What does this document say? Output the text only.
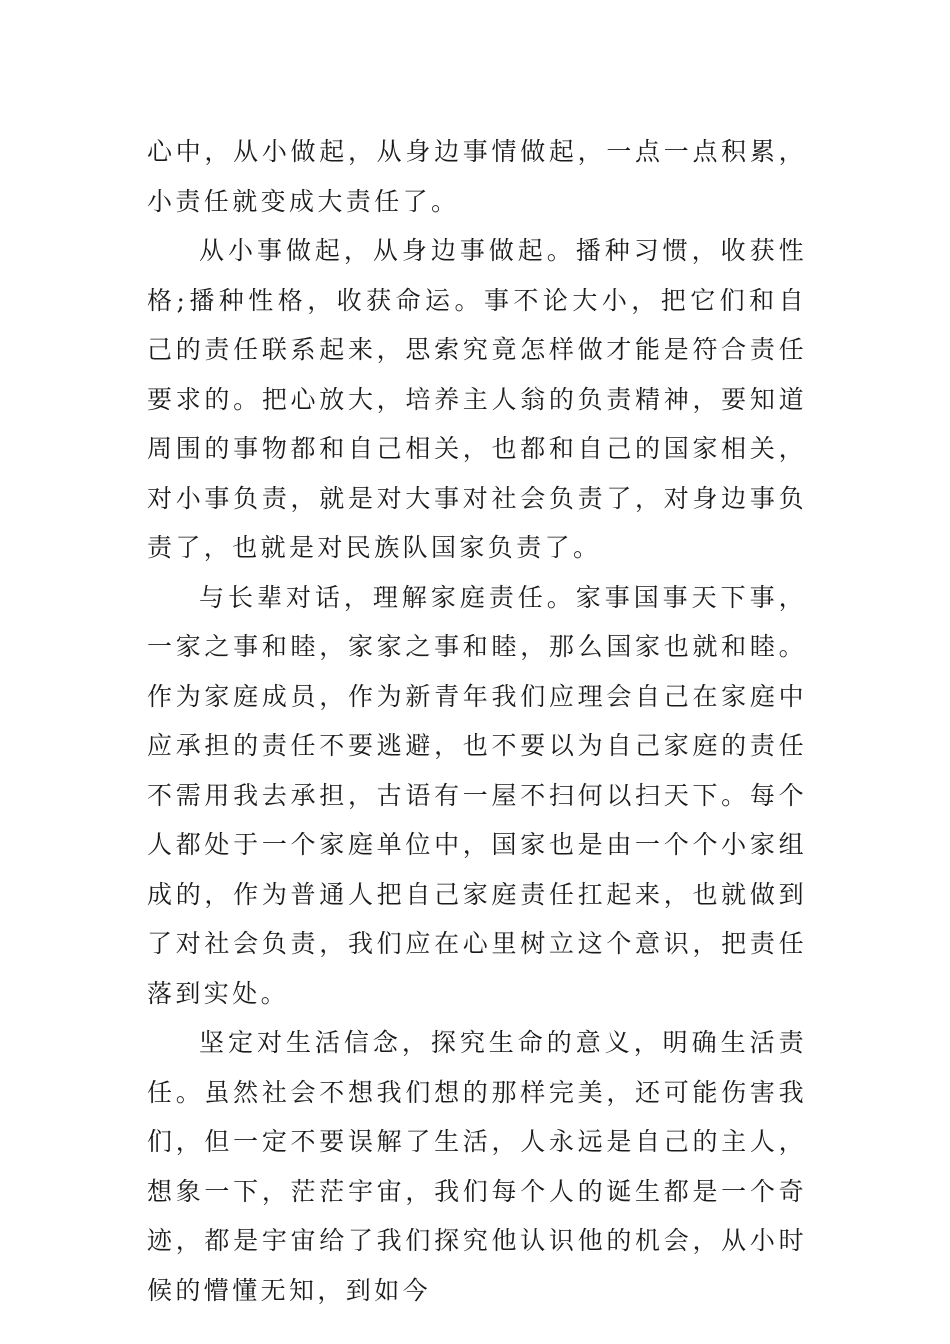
心中，从小做起，从身边事情做起，一点一点积累，小责任就变成大责任了。

从小事做起，从身边事做起。播种习惯，收获性格;播种性格，收获命运。事不论大小，把它们和自己的责任联系起来，思索究竟怎样做才能是符合责任要求的。把心放大，培养主人翁的负责精神，要知道周围的事物都和自己相关，也都和自己的国家相关，对小事负责，就是对大事对社会负责了，对身边事负责了，也就是对民族队国家负责了。

与长辈对话，理解家庭责任。家事国事天下事，一家之事和睦，家家之事和睦，那么国家也就和睦。作为家庭成员，作为新青年我们应理会自己在家庭中应承担的责任不要逃避，也不要以为自己家庭的责任不需用我去承担，古语有一屋不扫何以扫天下。每个人都处于一个家庭单位中，国家也是由一个个小家组成的，作为普通人把自己家庭责任扛起来，也就做到了对社会负责，我们应在心里树立这个意识，把责任落到实处。

坚定对生活信念，探究生命的意义，明确生活责任。虽然社会不想我们想的那样完美，还可能伤害我们，但一定不要误解了生活，人永远是自己的主人，想象一下，茫茫宇宙，我们每个人的诞生都是一个奇迹，都是宇宙给了我们探究他认识他的机会，从小时候的懵懂无知，到如今
